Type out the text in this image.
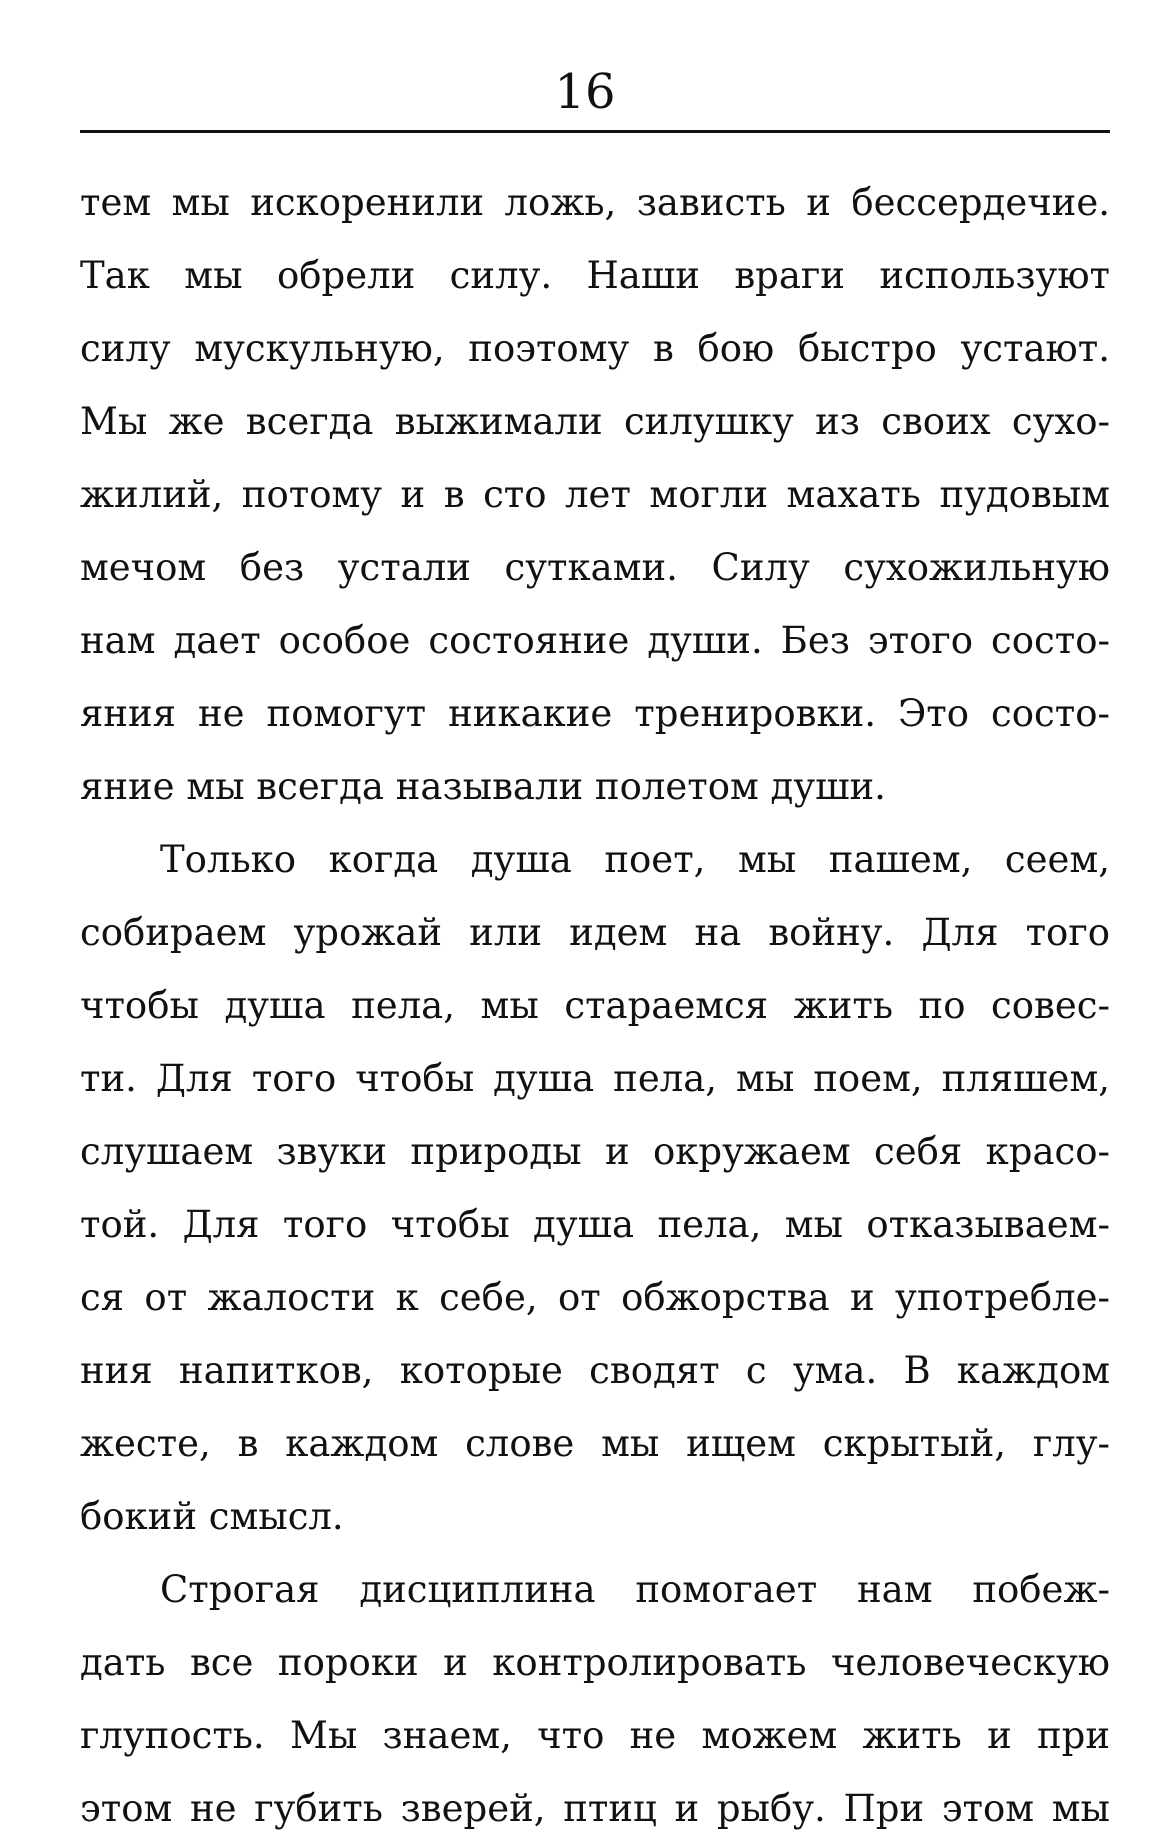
16
тем мы искоренили ложь, зависть и бессердечие.
Так мы обрели силу. Наши враги используют
силу мускульную, поэтому в бою быстро устают.
Мы же всегда выжимали силушку из своих сухо-
жилий, потому и в сто лет могли махать пудовым
мечом без устали сутками. Силу сухожильную
нам дает особое состояние души. Без этого состо-
яния не помогут никакие тренировки. Это состо-
яние мы всегда называли полетом души.
Только когда душа поет, мы пашем, сеем,
собираем урожай или идем на войну. Для того
чтобы душа пела, мы стараемся жить по совес-
ти. Для того чтобы душа пела, мы поем, пляшем,
слушаем звуки природы и окружаем себя красо-
той. Для того чтобы душа пела, мы отказываем-
ся от жалости к себе, от обжорства и употребле-
ния напитков, которые сводят с ума. В каждом
жесте, в каждом слове мы ищем скрытый, глу-
бокий смысл.
Строгая дисциплина помогает нам побеж-
дать все пороки и контролировать человеческую
глупость. Мы знаем, что не можем жить и при
этом не губить зверей, птиц и рыбу. При этом мы
